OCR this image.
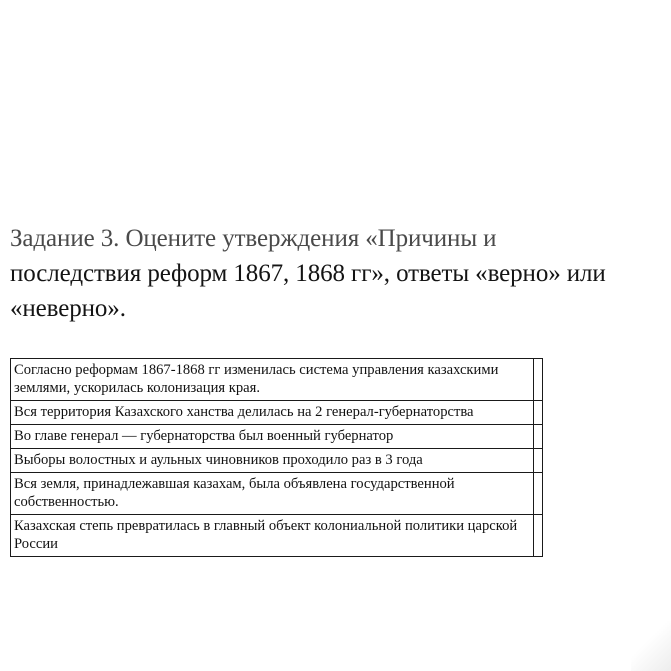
Задание 3. Оцените утверждения «Причины и
последствия реформ 1867, 1868 гг», ответы «верно» или «неверно».
Согласно реформам 1867-1868 гг изменилась система управления казахскими землями, ускорилась колонизация края.	
Вся территория Казахского ханства делилась на 2 генерал-губернаторства	
Во главе генерал — губернаторства был военный губернатор	
Выборы волостных и аульных чиновников проходило раз в 3 года	
Вся земля, принадлежавшая казахам, была объявлена государственной собственностью.	
Казахская степь превратилась в главный объект колониальной политики царской России	
